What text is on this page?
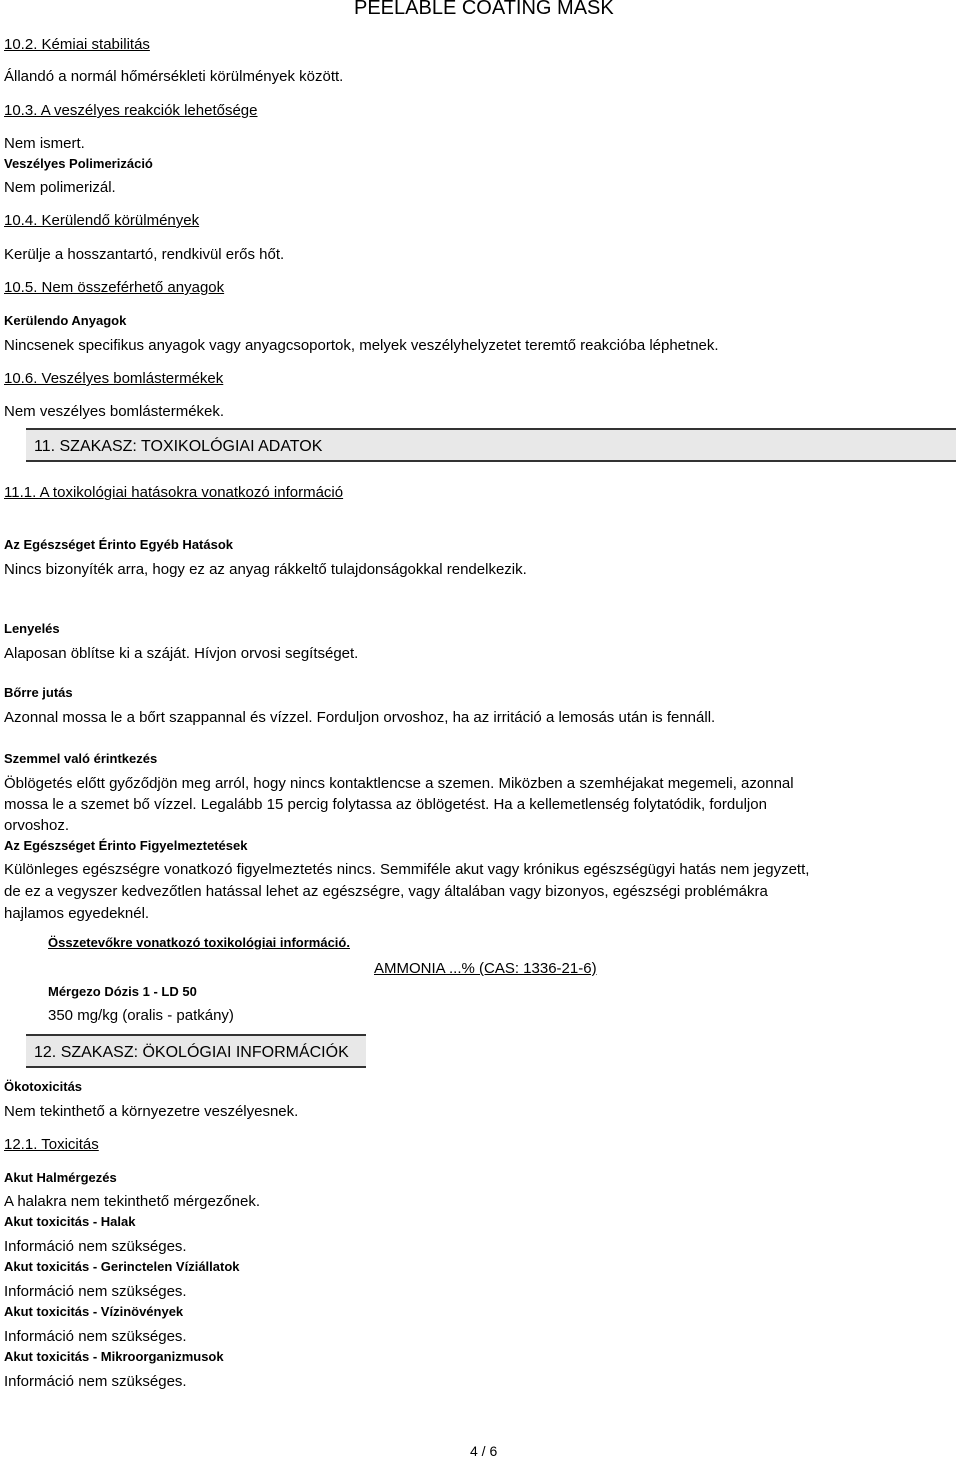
PEELABLE COATING MASK
10.2. Kémiai stabilitás
Állandó a normál hőmérsékleti körülmények között.
10.3. A veszélyes reakciók lehetősége
Nem ismert.
Veszélyes Polimerizáció
Nem polimerizál.
10.4. Kerülendő körülmények
Kerülje a hosszantartó, rendkivül erős hőt.
10.5. Nem összeférhető anyagok
Kerülendo Anyagok
Nincsenek specifikus anyagok vagy anyagcsoportok, melyek veszélyhelyzetet teremtő reakcióba léphetnek.
10.6. Veszélyes bomlástermékek
Nem veszélyes bomlástermékek.
11. SZAKASZ: TOXIKOLÓGIAI ADATOK
11.1. A toxikológiai hatásokra vonatkozó információ
Az Egészséget Érinto Egyéb Hatások
Nincs bizonyíték arra, hogy ez az anyag rákkeltő tulajdonságokkal rendelkezik.
Lenyelés
Alaposan öblítse ki a száját. Hívjon orvosi segítséget.
Bőrre jutás
Azonnal mossa le a bőrt szappannal és vízzel. Forduljon orvoshoz, ha az irritáció a lemosás után is fennáll.
Szemmel való érintkezés
Öblögetés előtt győződjön meg arról, hogy nincs kontaktlencse a szemen. Miközben a szemhéjakat megemeli, azonnal
mossa le a szemet bő vízzel. Legalább 15 percig folytassa az öblögetést. Ha a kellemetlenség folytatódik, forduljon
orvoshoz.
Az Egészséget Érinto Figyelmeztetések
Különleges egészségre vonatkozó figyelmeztetés nincs. Semmiféle akut vagy krónikus egészségügyi hatás nem jegyzett,
de ez a vegyszer kedvezőtlen hatással lehet az egészségre, vagy általában vagy bizonyos, egészségi problémákra
hajlamos egyedeknél.
Összetevőkre vonatkozó toxikológiai információ.
AMMONIA ...% (CAS: 1336-21-6)
Mérgezo Dózis 1 - LD 50
350 mg/kg (oralis - patkány)
12. SZAKASZ: ÖKOLÓGIAI INFORMÁCIÓK
Ökotoxicitás
Nem tekinthető a környezetre veszélyesnek.
12.1. Toxicitás
Akut Halmérgezés
A halakra nem tekinthető mérgezőnek.
Akut toxicitás - Halak
Információ nem szükséges.
Akut toxicitás - Gerinctelen Víziállatok
Információ nem szükséges.
Akut toxicitás - Vízinövények
Információ nem szükséges.
Akut toxicitás - Mikroorganizmusok
Információ nem szükséges.
4 / 6
